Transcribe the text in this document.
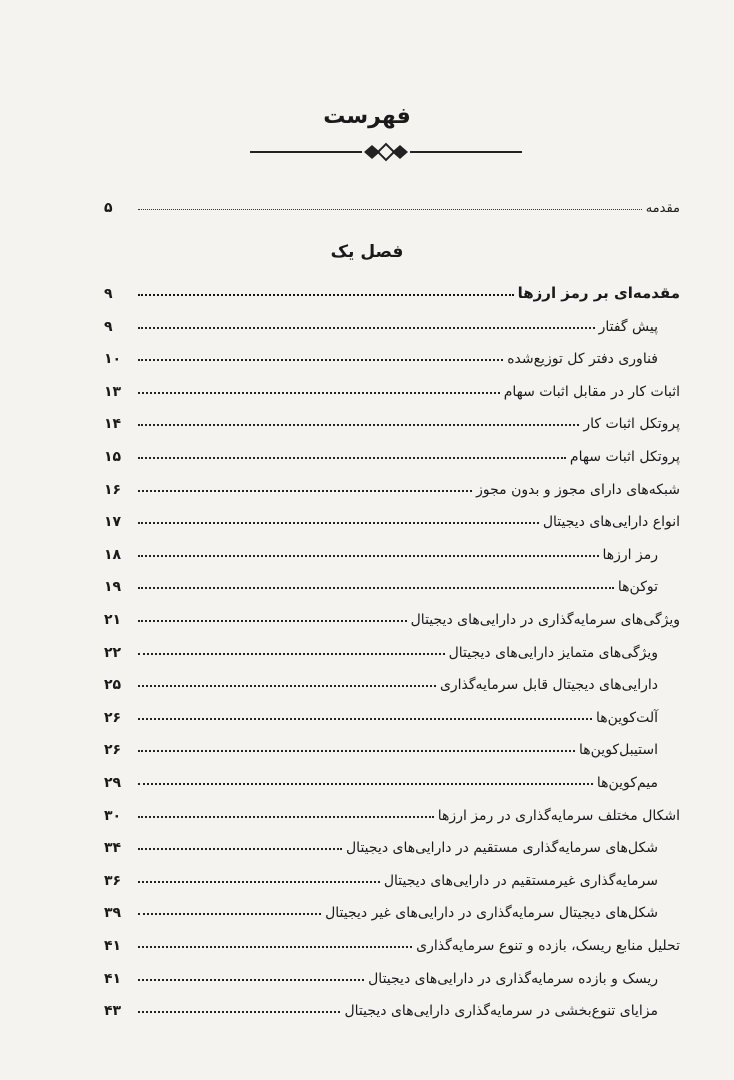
فهرست
مقدمه
۵
فصل یک
مقدمه‌ای بر رمز ارزها
۹
پیش گفتار
۹
فناوری دفتر کل توزیع‌شده
۱۰
اثبات کار در مقابل اثبات سهام
۱۳
پروتکل اثبات کار
۱۴
پروتکل اثبات سهام
۱۵
شبکه‌های دارای مجوز و بدون مجوز
۱۶
انواع دارایی‌های دیجیتال
۱۷
رمز ارزها
۱۸
توکن‌ها
۱۹
ویژگی‌های سرمایه‌گذاری در دارایی‌های دیجیتال
۲۱
ویژگی‌های متمایز دارایی‌های دیجیتال
۲۲
دارایی‌های دیجیتال قابل سرمایه‌گذاری
۲۵
آلت‌کوین‌ها
۲۶
استیبل‌کوین‌ها
۲۶
میم‌کوین‌ها
۲۹
اشکال مختلف سرمایه‌گذاری در رمز ارزها
۳۰
شکل‌های سرمایه‌گذاری مستقیم در دارایی‌های دیجیتال
۳۴
سرمایه‌گذاری غیرمستقیم در دارایی‌های دیجیتال
۳۶
شکل‌های دیجیتال سرمایه‌گذاری در دارایی‌های غیر دیجیتال
۳۹
تحلیل منابع ریسک، بازده و تنوع سرمایه‌گذاری
۴۱
ریسک و بازده سرمایه‌گذاری در دارایی‌های دیجیتال
۴۱
مزایای تنوع‌بخشی در سرمایه‌گذاری دارایی‌های دیجیتال
۴۳
